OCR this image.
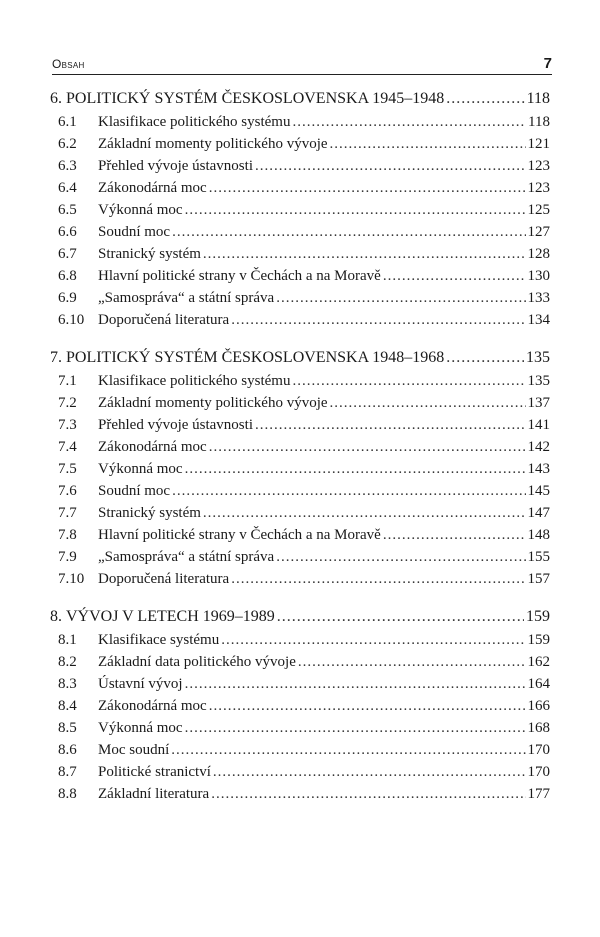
Obsah	7
6. POLITICKÝ SYSTÉM ČESKOSLOVENSKA 1945–1948 .....	118
6.1	Klasifikace politického systému .....	118
6.2	Základní momenty politického vývoje .....	121
6.3	Přehled vývoje ústavnosti .....	123
6.4	Zákonodárná moc .....	123
6.5	Výkonná moc .....	125
6.6	Soudní moc .....	127
6.7	Stranický systém .....	128
6.8	Hlavní politické strany v Čechách a na Moravě .....	130
6.9	„Samospráva“ a státní správa .....	133
6.10 Doporučená literatura .....	134
7. POLITICKÝ SYSTÉM ČESKOSLOVENSKA 1948–1968 .....	135
7.1	Klasifikace politického systému .....	135
7.2	Základní momenty politického vývoje .....	137
7.3	Přehled vývoje ústavnosti .....	141
7.4	Zákonodárná moc .....	142
7.5	Výkonná moc .....	143
7.6	Soudní moc .....	145
7.7	Stranický systém .....	147
7.8	Hlavní politické strany v Čechách a na Moravě .....	148
7.9	„Samospráva“ a státní správa .....	155
7.10 Doporučená literatura .....	157
8. VÝVOJ V LETECH 1969–1989 .....	159
8.1	Klasifikace systému .....	159
8.2	Základní data politického vývoje .....	162
8.3	Ústavní vývoj .....	164
8.4	Zákonodárná moc .....	166
8.5	Výkonná moc .....	168
8.6	Moc soudní .....	170
8.7	Politické stranictví .....	170
8.8	Základní literatura .....	177
